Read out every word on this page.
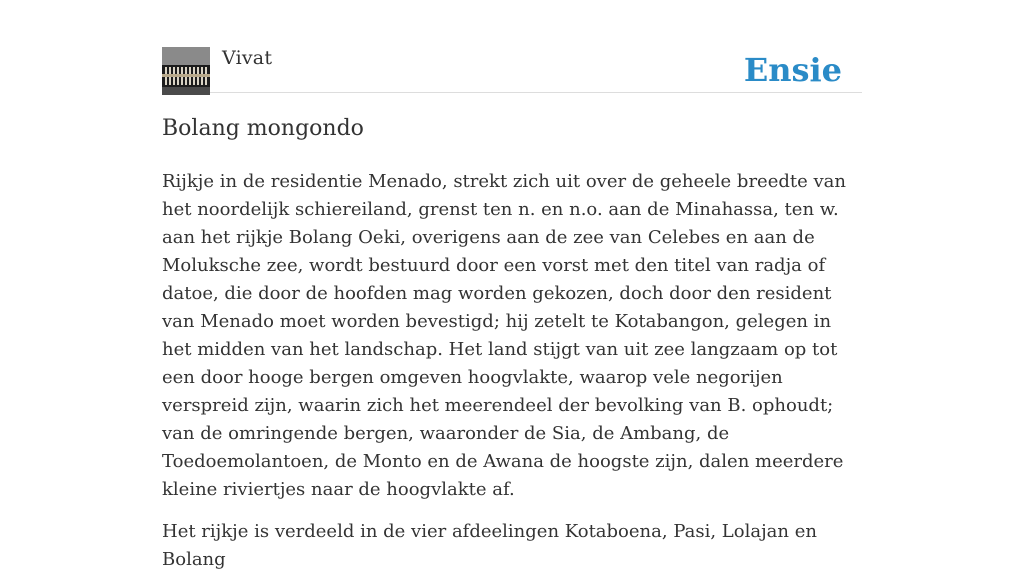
Vivat	Ensie
Bolang mongondo

Rijkje in de residentie Menado, strekt zich uit over de geheele breedte van het noordelijk schiereiland, grenst ten n. en n.o. aan de Minahassa, ten w. aan het rijkje Bolang Oeki, overigens aan de zee van Celebes en aan de Moluksche zee, wordt bestuurd door een vorst met den titel van radja of datoe, die door de hoofden mag worden gekozen, doch door den resident van Menado moet worden bevestigd; hij zetelt te Kotabangon, gelegen in het midden van het landschap. Het land stijgt van uit zee langzaam op tot een door hooge bergen omgeven hoogvlakte, waarop vele negorijen verspreid zijn, waarin zich het meerendeel der bevolking van B. ophoudt; van de omringende bergen, waaronder de Sia, de Ambang, de Toedoemolantoen, de Monto en de Awana de hoogste zijn, dalen meerdere kleine riviertjes naar de hoogvlakte af.

Het rijkje is verdeeld in de vier afdeelingen Kotaboena, Pasi, Lolajan en Bolang
